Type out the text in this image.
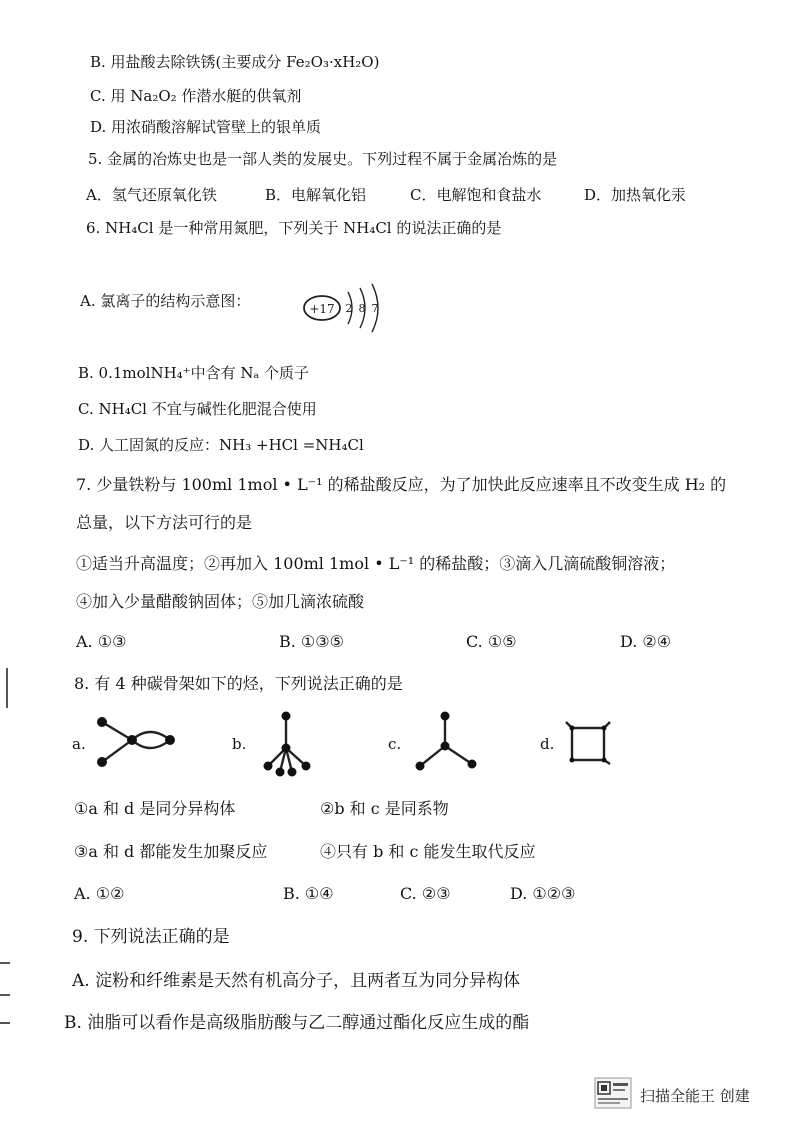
B. 用盐酸去除铁锈(主要成分 Fe₂O₃·xH₂O)
C. 用 Na₂O₂ 作潜水艇的供氧剂
D. 用浓硝酸溶解试管壁上的银单质
5. 金属的冶炼史也是一部人类的发展史。下列过程不属于金属冶炼的是
A．氢气还原氧化铁	B．电解氧化铝	C．电解饱和食盐水	D．加热氧化汞
6. NH₄Cl 是一种常用氮肥，下列关于 NH₄Cl 的说法正确的是
A. 氯离子的结构示意图：	+17 2 8 7
B. 0.1molNH₄⁺中含有 Nₐ 个质子
C. NH₄Cl 不宜与碱性化肥混合使用
D. 人工固氮的反应：NH₃ +HCl =NH₄Cl
7. 少量铁粉与 100ml 1mol • L⁻¹ 的稀盐酸反应，为了加快此反应速率且不改变生成 H₂ 的
总量，以下方法可行的是
①适当升高温度；②再加入 100ml 1mol • L⁻¹ 的稀盐酸；③滴入几滴硫酸铜溶液；
④加入少量醋酸钠固体；⑤加几滴浓硫酸
A. ①③	B. ①③⑤	C. ①⑤	D. ②④
8. 有 4 种碳骨架如下的烃，下列说法正确的是
a.	b.	c.	d.
①a 和 d 是同分异构体	②b 和 c 是同系物
③a 和 d 都能发生加聚反应	④只有 b 和 c 能发生取代反应
A. ①②	B. ①④	C. ②③	D. ①②③
9. 下列说法正确的是
A. 淀粉和纤维素是天然有机高分子，且两者互为同分异构体
B. 油脂可以看作是高级脂肪酸与乙二醇通过酯化反应生成的酯
扫描全能王 创建
